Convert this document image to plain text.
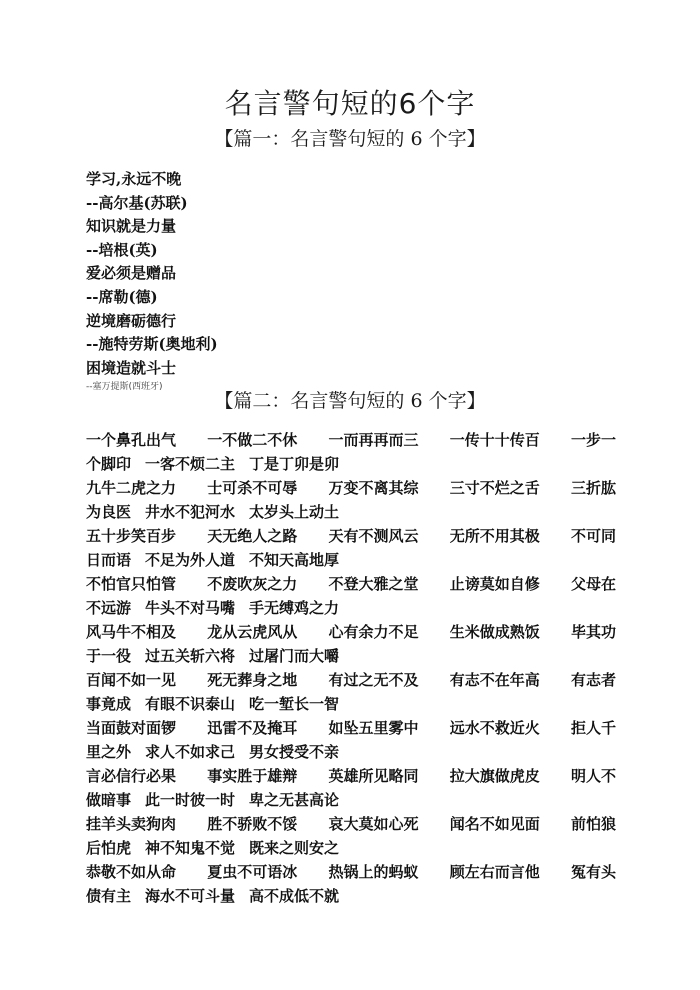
名言警句短的6个字
【篇一：名言警句短的 6 个字】
学习,永远不晚
--高尔基(苏联)
知识就是力量
--培根(英)
爱必须是赠品
--席勒(德)
逆境磨砺德行
--施特劳斯(奥地利)
困境造就斗士
--塞万提斯(西班牙)
【篇二：名言警句短的 6 个字】
一个鼻孔出气 一不做二不休 一而再再而三 一传十十传百 一步一
个脚印 一客不烦二主 丁是丁卯是卯
九牛二虎之力 士可杀不可辱 万变不离其综 三寸不烂之舌 三折肱
为良医 井水不犯河水 太岁头上动土
五十步笑百步 天无绝人之路 天有不测风云 无所不用其极 不可同
日而语 不足为外人道 不知天高地厚
不怕官只怕管 不废吹灰之力 不登大雅之堂 止谤莫如自修 父母在
不远游 牛头不对马嘴 手无缚鸡之力
风马牛不相及 龙从云虎风从 心有余力不足 生米做成熟饭 毕其功
于一役 过五关斩六将 过屠门而大嚼
百闻不如一见 死无葬身之地 有过之无不及 有志不在年高 有志者
事竟成 有眼不识泰山 吃一堑长一智
当面鼓对面锣 迅雷不及掩耳 如坠五里雾中 远水不救近火 拒人千
里之外 求人不如求己 男女授受不亲
言必信行必果 事实胜于雄辩 英雄所见略同 拉大旗做虎皮 明人不
做暗事 此一时彼一时 卑之无甚高论
挂羊头卖狗肉 胜不骄败不馁 哀大莫如心死 闻名不如见面 前怕狼
后怕虎 神不知鬼不觉 既来之则安之
恭敬不如从命 夏虫不可语冰 热锅上的蚂蚁 顾左右而言他 冤有头
债有主 海水不可斗量 高不成低不就
